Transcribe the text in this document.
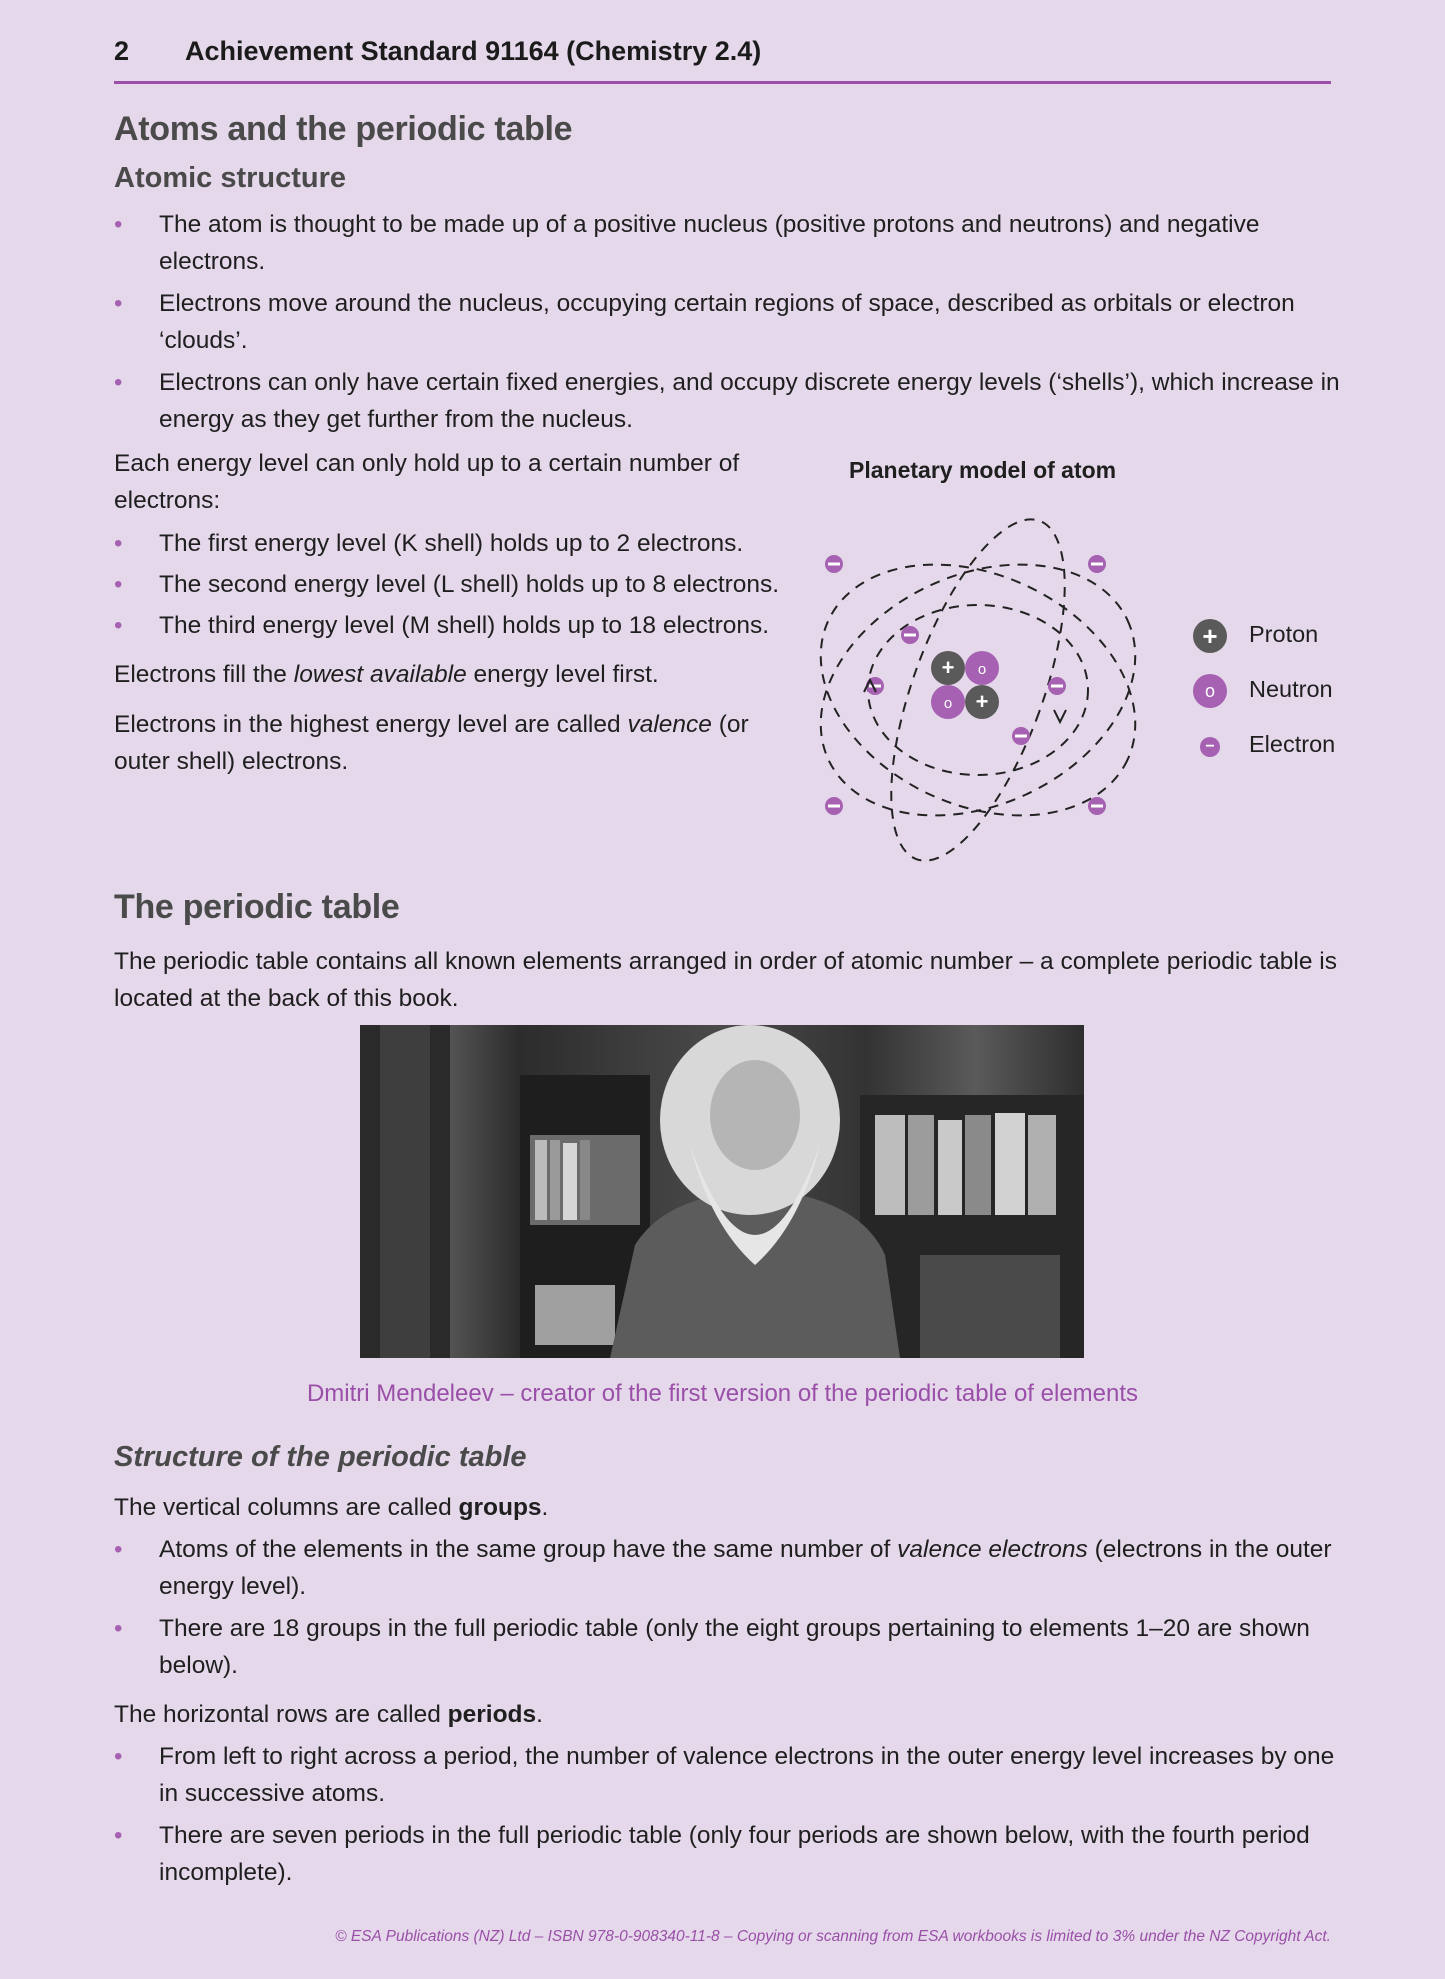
2 Achievement Standard 91164 (Chemistry 2.4)
Atoms and the periodic table
Atomic structure
• The atom is thought to be made up of a positive nucleus (positive protons and neutrons) and negative
electrons.
• Electrons move around the nucleus, occupying certain regions of space, described as orbitals or electron
‘clouds’.
• Electrons can only have certain fixed energies, and occupy discrete energy levels (‘shells’), which increase in
energy as they get further from the nucleus.
Each energy level can only hold up to a certain number of
electrons:
• The first energy level (K shell) holds up to 2 electrons.
• The second energy level (L shell) holds up to 8 electrons.
• The third energy level (M shell) holds up to 18 electrons.
Electrons fill the lowest available energy level first.
Electrons in the highest energy level are called valence (or
outer shell) electrons.
Planetary model of atom
+ o
o +
+	Proton
o	Neutron
− Electron
The periodic table
The periodic table contains all known elements arranged in order of atomic number – a complete periodic table is
located at the back of this book.
Dmitri Mendeleev – creator of the first version of the periodic table of elements
Structure of the periodic table
The vertical columns are called groups.
• Atoms of the elements in the same group have the same number of valence electrons (electrons in the outer
energy level).
• There are 18 groups in the full periodic table (only the eight groups pertaining to elements 1–20 are shown
below).
The horizontal rows are called periods.
• From left to right across a period, the number of valence electrons in the outer energy level increases by one
in successive atoms.
• There are seven periods in the full periodic table (only four periods are shown below, with the fourth period
incomplete).
© ESA Publications (NZ) Ltd – ISBN 978-0-908340-11-8 – Copying or scanning from ESA workbooks is limited to 3% under the NZ Copyright Act.
